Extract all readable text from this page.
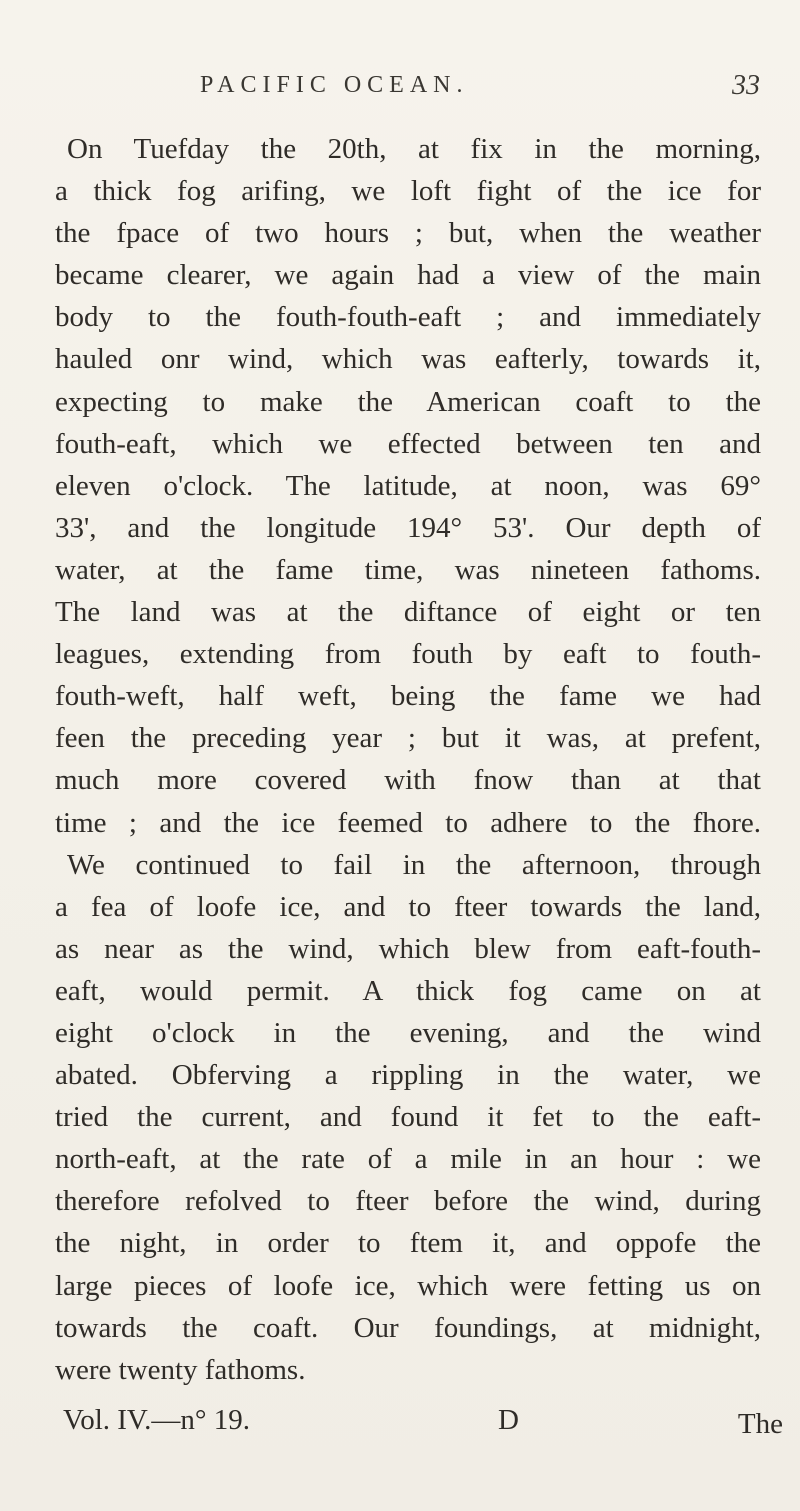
PACIFIC OCEAN.	33
On Tuefday the 20th, at fix in the morning,
a thick fog arifing, we loft fight of the ice for
the fpace of two hours ; but, when the weather
became clearer, we again had a view of the main
body to the fouth-fouth-eaft ; and immediately
hauled onr wind, which was eafterly, towards it,
expecting to make the American coaft to the
fouth-eaft, which we effected between ten and
eleven o'clock. The latitude, at noon, was 69°
33', and the longitude 194° 53'. Our depth of
water, at the fame time, was nineteen fathoms.
The land was at the diftance of eight or ten
leagues, extending from fouth by eaft to fouth-
fouth-weft, half weft, being the fame we had
feen the preceding year ; but it was, at prefent,
much more covered with fnow than at that
time ; and the ice feemed to adhere to the fhore.
We continued to fail in the afternoon, through
a fea of loofe ice, and to fteer towards the land,
as near as the wind, which blew from eaft-fouth-
eaft, would permit. A thick fog came on at
eight o'clock in the evening, and the wind
abated. Obferving a rippling in the water, we
tried the current, and found it fet to the eaft-
north-eaft, at the rate of a mile in an hour : we
therefore refolved to fteer before the wind, during
the night, in order to ftem it, and oppofe the
large pieces of loofe ice, which were fetting us on
towards the coaft. Our foundings, at midnight,
were twenty fathoms.
Vol. IV.—n° 19.	D	The
